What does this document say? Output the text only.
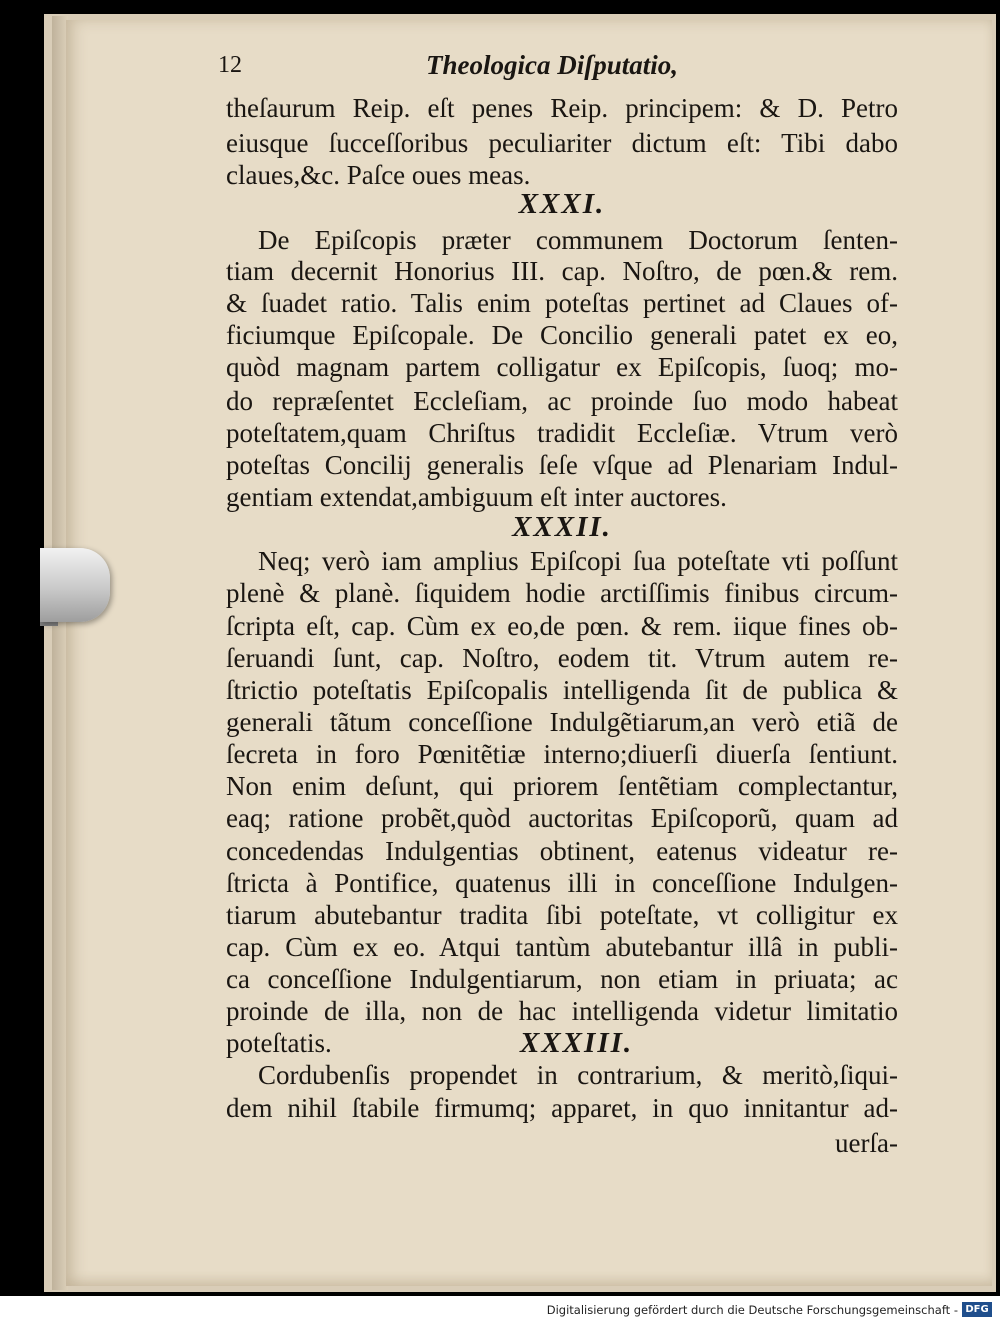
12	Theologica Diſputatio,
theſaurum Reip. eſt penes Reip. principem: & D. Petro
eiusque ſucceſſoribus peculiariter dictum eſt: Tibi dabo
claues,&c. Paſce oues meas.
XXXI.
De Epiſcopis præter communem Doctorum ſenten-
tiam decernit Honorius III. cap. Noſtro, de pœn.& rem.
& ſuadet ratio. Talis enim poteſtas pertinet ad Claues of-
ficiumque Epiſcopale. De Concilio generali patet ex eo,
quòd magnam partem colligatur ex Epiſcopis, ſuoq; mo-
do repræſentet Eccleſiam, ac proinde ſuo modo habeat
poteſtatem,quam Chriſtus tradidit Eccleſiæ. Vtrum verò
poteſtas Concilij generalis ſeſe vſque ad Plenariam Indul-
gentiam extendat,ambiguum eſt inter auctores.
XXXII.
Neq; verò iam amplius Epiſcopi ſua poteſtate vti poſſunt
plenè & planè. ſiquidem hodie arctiſſimis finibus circum-
ſcripta eſt, cap. Cùm ex eo,de pœn. & rem. iique fines ob-
ſeruandi ſunt, cap. Noſtro, eodem tit. Vtrum autem re-
ſtrictio poteſtatis Epiſcopalis intelligenda ſit de publica &
generali tãtum conceſſione Indulgẽtiarum,an verò etiã de
ſecreta in foro Pœnitẽtiæ interno;diuerſi diuerſa ſentiunt.
Non enim deſunt, qui priorem ſentẽtiam complectantur,
eaq; ratione probẽt,quòd auctoritas Epiſcoporũ, quam ad
concedendas Indulgentias obtinent, eatenus videatur re-
ſtricta à Pontifice, quatenus illi in conceſſione Indulgen-
tiarum abutebantur tradita ſibi poteſtate, vt colligitur ex
cap. Cùm ex eo. Atqui tantùm abutebantur illâ in publi-
ca conceſſione Indulgentiarum, non etiam in priuata; ac
proinde de illa, non de hac intelligenda videtur limitatio
poteſtatis.	XXXIII.
Cordubenſis propendet in contrarium, & meritò,ſiqui-
dem nihil ſtabile firmumq; apparet, in quo innitantur ad-
uerſa-
Digitalisierung gefördert durch die Deutsche Forschungsgemeinschaft - DFG
